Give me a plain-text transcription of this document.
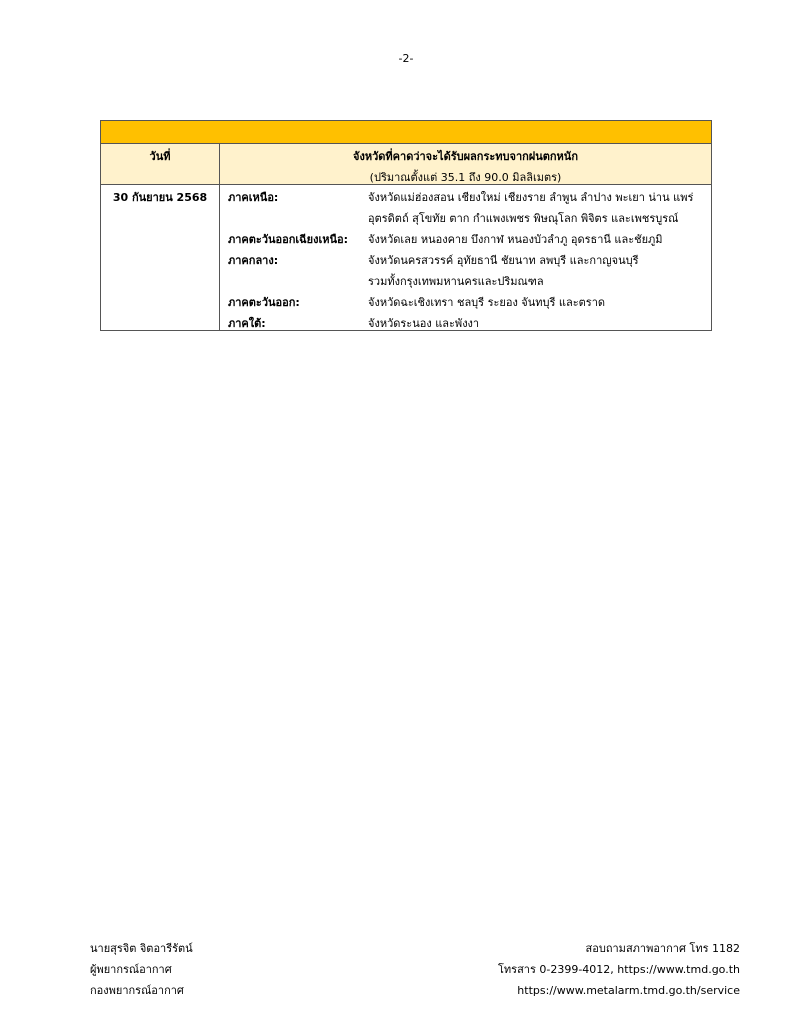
-2-
วันที่	จังหวัดที่คาดว่าจะได้รับผลกระทบจากฝนตกหนัก
(ปริมาณตั้งแต่ 35.1 ถึง 90.0 มิลลิเมตร)
30 กันยายน 2568	ภาคเหนือ:	จังหวัดแม่ฮ่องสอน เชียงใหม่ เชียงราย ลำพูน ลำปาง พะเยา น่าน แพร่
อุตรดิตถ์ สุโขทัย ตาก กำแพงเพชร พิษณุโลก พิจิตร และเพชรบูรณ์
ภาคตะวันออกเฉียงเหนือ:	จังหวัดเลย หนองคาย บึงกาฬ หนองบัวลำภู อุดรธานี และชัยภูมิ
ภาคกลาง:	จังหวัดนครสวรรค์ อุทัยธานี ชัยนาท ลพบุรี และกาญจนบุรี
รวมทั้งกรุงเทพมหานครและปริมณฑล
ภาคตะวันออก:	จังหวัดฉะเชิงเทรา ชลบุรี ระยอง จันทบุรี และตราด
ภาคใต้:	จังหวัดระนอง และพังงา
นายสุรจิต จิตอารีรัตน์
ผู้พยากรณ์อากาศ
กองพยากรณ์อากาศ
สอบถามสภาพอากาศ โทร 1182
โทรสาร 0-2399-4012, https://www.tmd.go.th
https://www.metalarm.tmd.go.th/service
